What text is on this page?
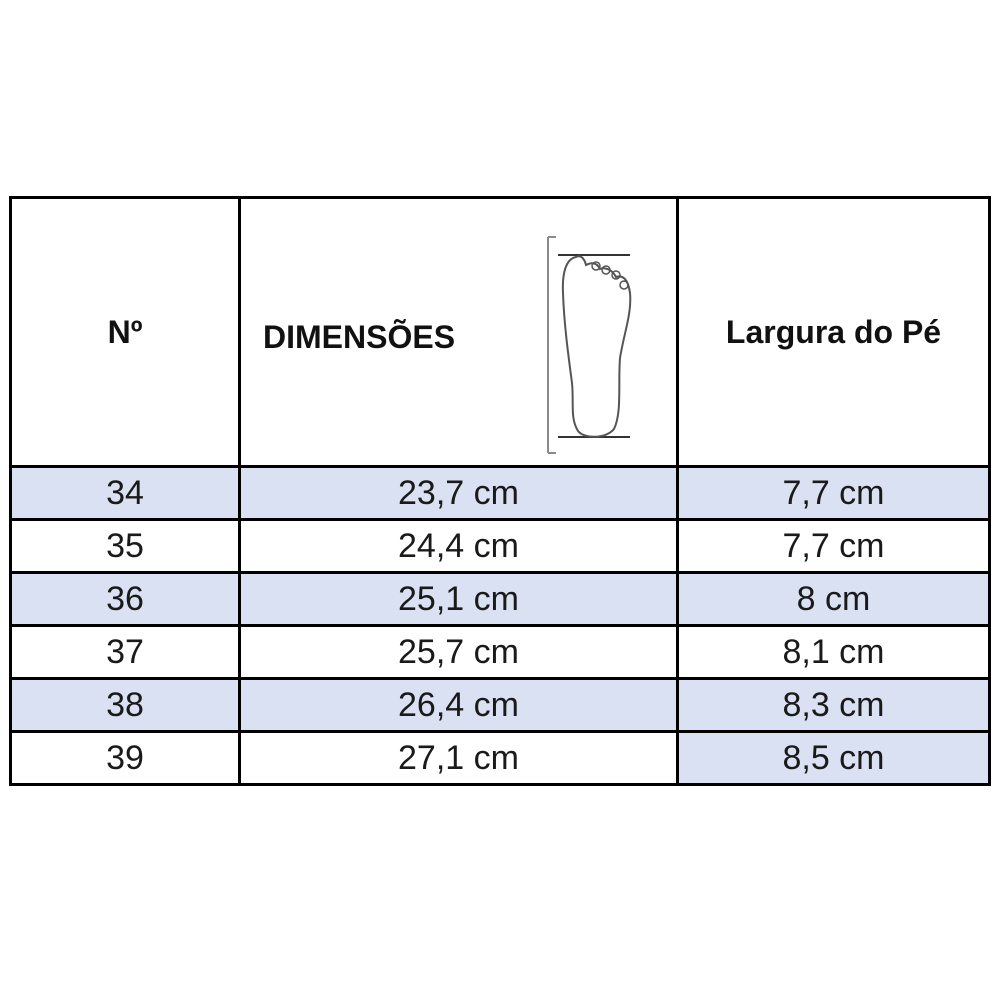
Nº	DIMENSÕES	Largura do Pé
34	23,7 cm	7,7 cm
35	24,4 cm	7,7 cm
36	25,1 cm	8 cm
37	25,7 cm	8,1 cm
38	26,4 cm	8,3 cm
39	27,1 cm	8,5 cm
